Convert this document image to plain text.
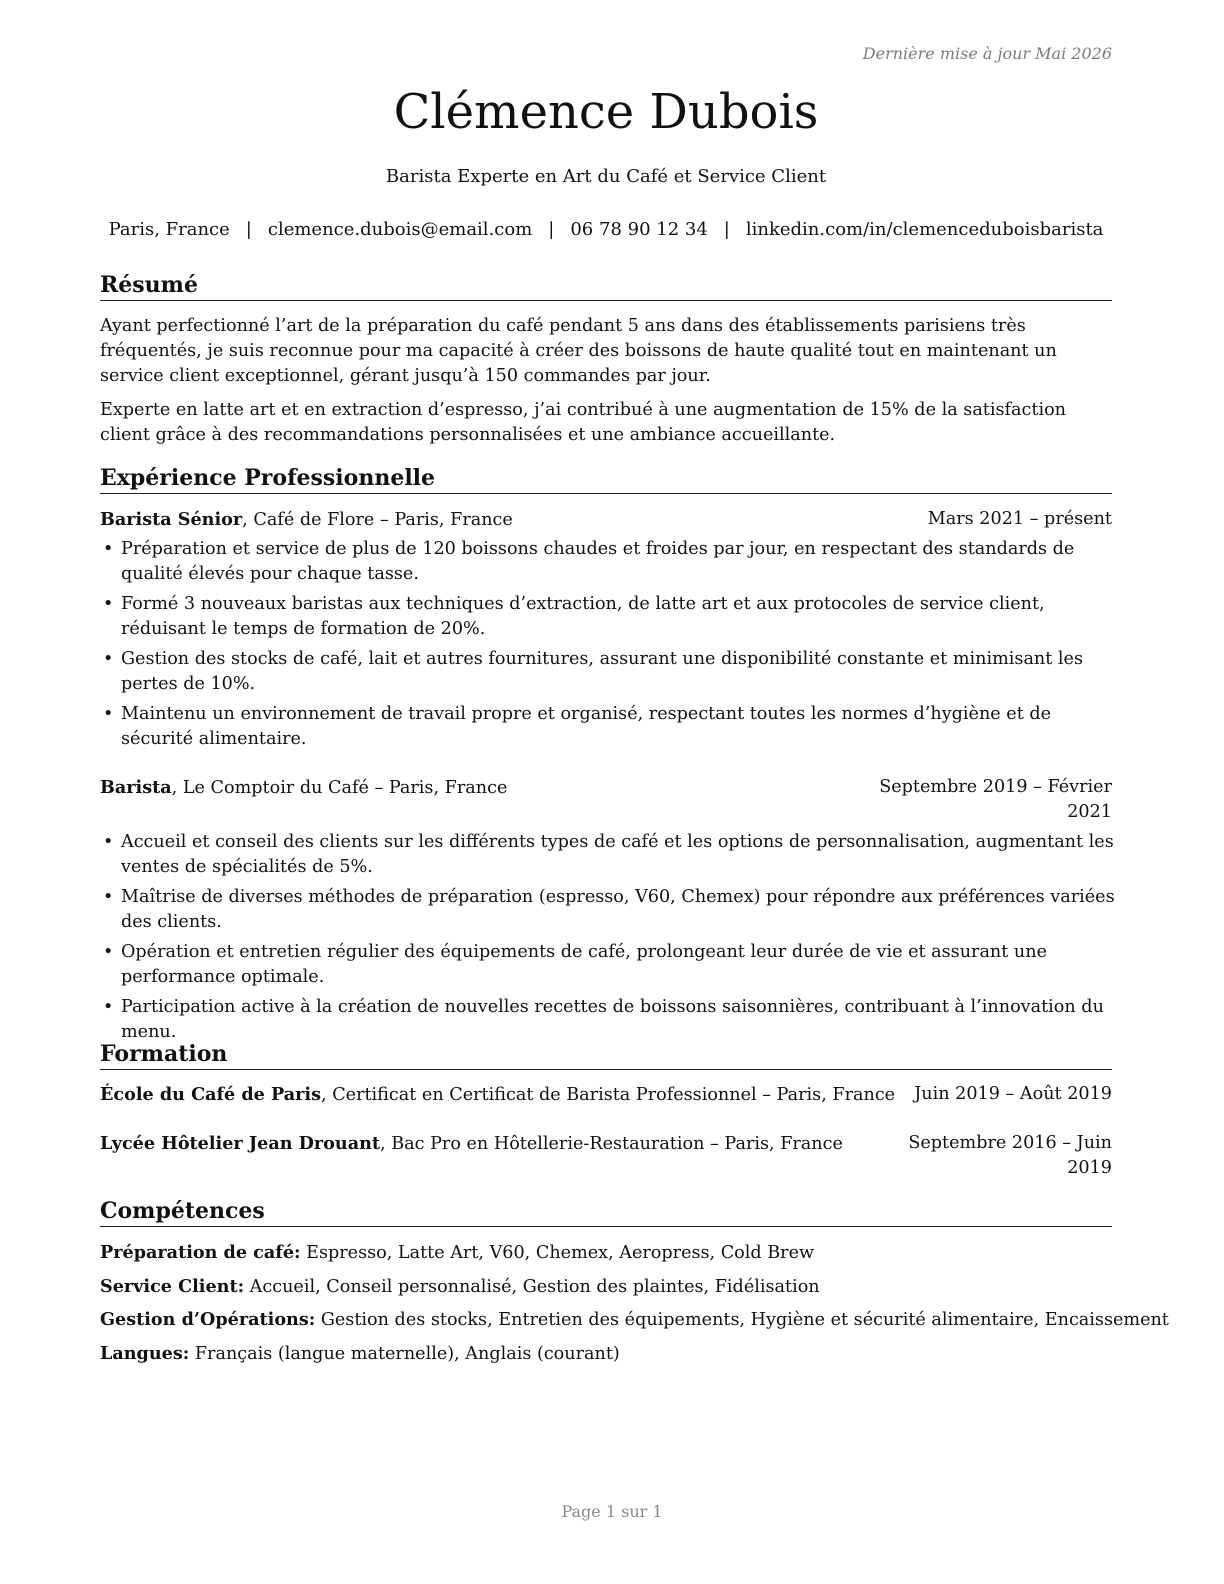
Dernière mise à jour Mai 2026
Clémence Dubois
Barista Experte en Art du Café et Service Client
Paris, France | clemence.dubois@email.com | 06 78 90 12 34 | linkedin.com/in/clemenceduboisbarista
Résumé
Ayant perfectionné l’art de la préparation du café pendant 5 ans dans des établissements parisiens très fréquentés, je suis reconnue pour ma capacité à créer des boissons de haute qualité tout en maintenant un service client exceptionnel, gérant jusqu’à 150 commandes par jour.
Experte en latte art et en extraction d’espresso, j’ai contribué à une augmentation de 15% de la satisfaction client grâce à des recommandations personnalisées et une ambiance accueillante.
Expérience Professionnelle
Barista Sénior, Café de Flore – Paris, France	Mars 2021 – présent
• Préparation et service de plus de 120 boissons chaudes et froides par jour, en respectant des standards de qualité élevés pour chaque tasse.
• Formé 3 nouveaux baristas aux techniques d’extraction, de latte art et aux protocoles de service client, réduisant le temps de formation de 20%.
• Gestion des stocks de café, lait et autres fournitures, assurant une disponibilité constante et minimisant les pertes de 10%.
• Maintenu un environnement de travail propre et organisé, respectant toutes les normes d’hygiène et de sécurité alimentaire.
Barista, Le Comptoir du Café – Paris, France	Septembre 2019 – Février
2021
• Accueil et conseil des clients sur les différents types de café et les options de personnalisation, augmentant les ventes de spécialités de 5%.
• Maîtrise de diverses méthodes de préparation (espresso, V60, Chemex) pour répondre aux préférences variées des clients.
• Opération et entretien régulier des équipements de café, prolongeant leur durée de vie et assurant une performance optimale.
• Participation active à la création de nouvelles recettes de boissons saisonnières, contribuant à l’innovation du menu.
Formation
École du Café de Paris, Certificat en Certificat de Barista Professionnel – Paris, France Juin 2019 – Août 2019
Lycée Hôtelier Jean Drouant, Bac Pro en Hôtellerie-Restauration – Paris, France	Septembre 2016 – Juin
2019
Compétences
Préparation de café: Espresso, Latte Art, V60, Chemex, Aeropress, Cold Brew
Service Client: Accueil, Conseil personnalisé, Gestion des plaintes, Fidélisation
Gestion d’Opérations: Gestion des stocks, Entretien des équipements, Hygiène et sécurité alimentaire, Encaissement
Langues: Français (langue maternelle), Anglais (courant)
Page 1 sur 1
